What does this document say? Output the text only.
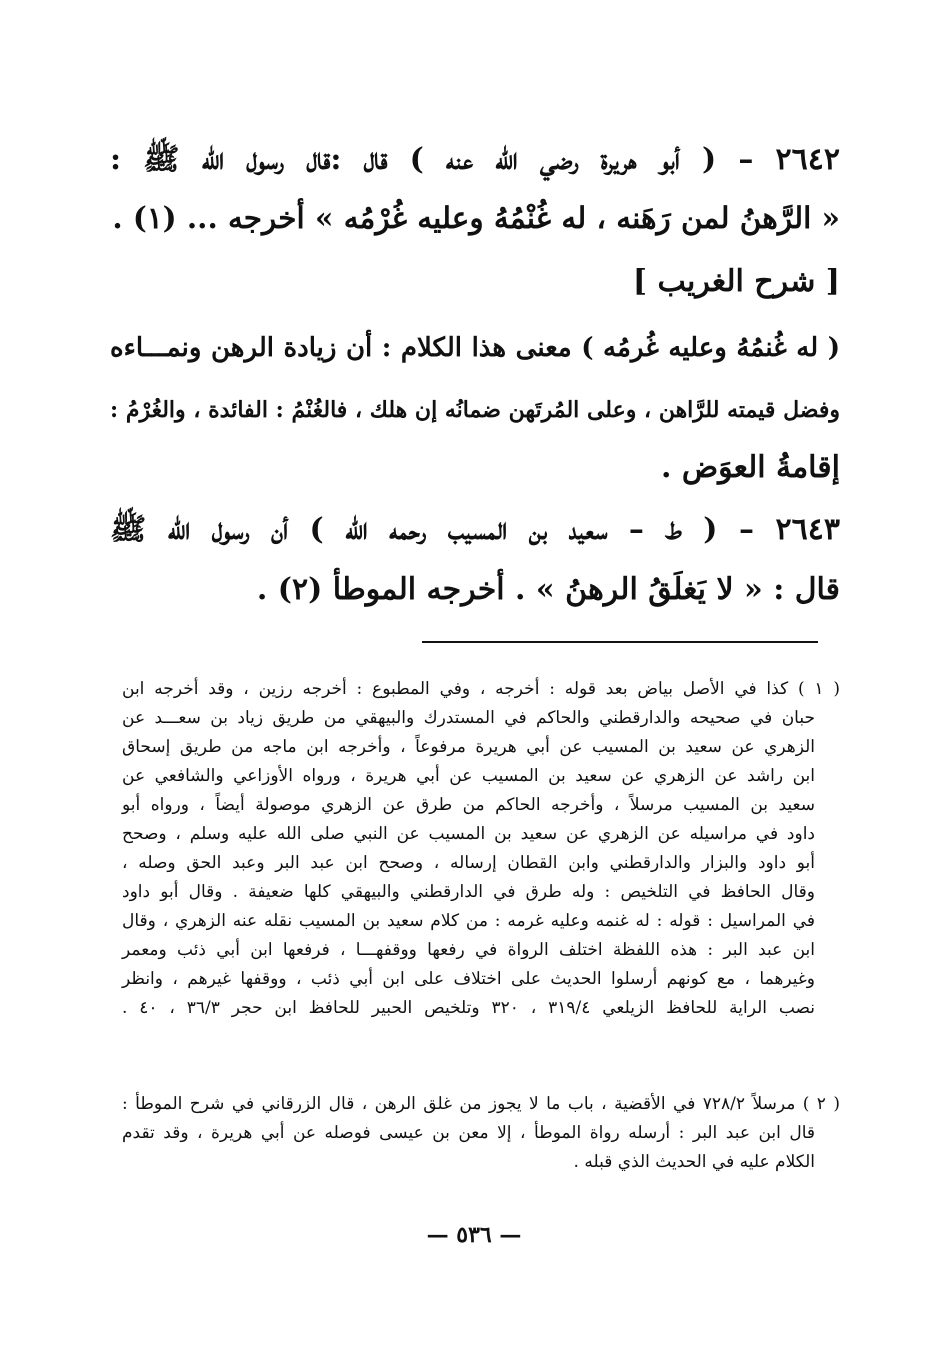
٢٦٤٢ – ( أبو هريرة رضي الله عنه ) قال :قال رسول الله ﷺ :
« الرَّهنُ لمن رَهَنه ، له غُنْمُهُ وعليه غُرْمُه » أخرجه ... (١) .
[ شرح الغريب ]
( له غُنمُهُ وعليه غُرمُه ) معنى هذا الكلام : أن زيادة الرهن ونمـــاءه
وفضل قيمته للرَّاهن ، وعلى المُرتَهن ضمانُه إن هلك ، فالغُنْمُ : الفائدة ، والغُرْمُ :
إقامةُ العوَض .
٢٦٤٣ – ( ط – سعيد بن المسيب رحمه الله ) أن رسول الله ﷺ
قال : « لا يَغلَقُ الرهنُ » . أخرجه الموطأ (٢) .
( ١ ) كذا في الأصل بياض بعد قوله : أخرجه ، وفي المطبوع : أخرجه رزين ، وقد أخرجه ابن
حبان في صحيحه والدارقطني والحاكم في المستدرك والبيهقي من طريق زياد بن سعـــد عن
الزهري عن سعيد بن المسيب عن أبي هريرة مرفوعاً ، وأخرجه ابن ماجه من طريق إسحاق
ابن راشد عن الزهري عن سعيد بن المسيب عن أبي هريرة ، ورواه الأوزاعي والشافعي عن
سعيد بن المسيب مرسلاً ، وأخرجه الحاكم من طرق عن الزهري موصولة أيضاً ، ورواه أبو
داود في مراسيله عن الزهري عن سعيد بن المسيب عن النبي صلى الله عليه وسلم ، وصحح
أبو داود والبزار والدارقطني وابن القطان إرساله ، وصحح ابن عبد البر وعبد الحق وصله ،
وقال الحافظ في التلخيص : وله طرق في الدارقطني والبيهقي كلها ضعيفة . وقال أبو داود
في المراسيل : قوله : له غنمه وعليه غرمه : من كلام سعيد بن المسيب نقله عنه الزهري ، وقال
ابن عبد البر : هذه اللفظة اختلف الرواة في رفعها ووقفهـــا ، فرفعها ابن أبي ذئب ومعمر
وغيرهما ، مع كونهم أرسلوا الحديث على اختلاف على ابن أبي ذئب ، ووقفها غيرهم ، وانظر
نصب الراية للحافظ الزيلعي ٣١٩/٤ ، ٣٢٠ وتلخيص الحبير للحافظ ابن حجر ٣٦/٣ ، ٤٠ .
( ٢ ) مرسلاً ٧٢٨/٢ في الأقضية ، باب ما لا يجوز من غلق الرهن ، قال الزرقاني في شرح الموطأ :
قال ابن عبد البر : أرسله رواة الموطأ ، إلا معن بن عيسى فوصله عن أبي هريرة ، وقد تقدم
الكلام عليه في الحديث الذي قبله .
— ٥٣٦ —
